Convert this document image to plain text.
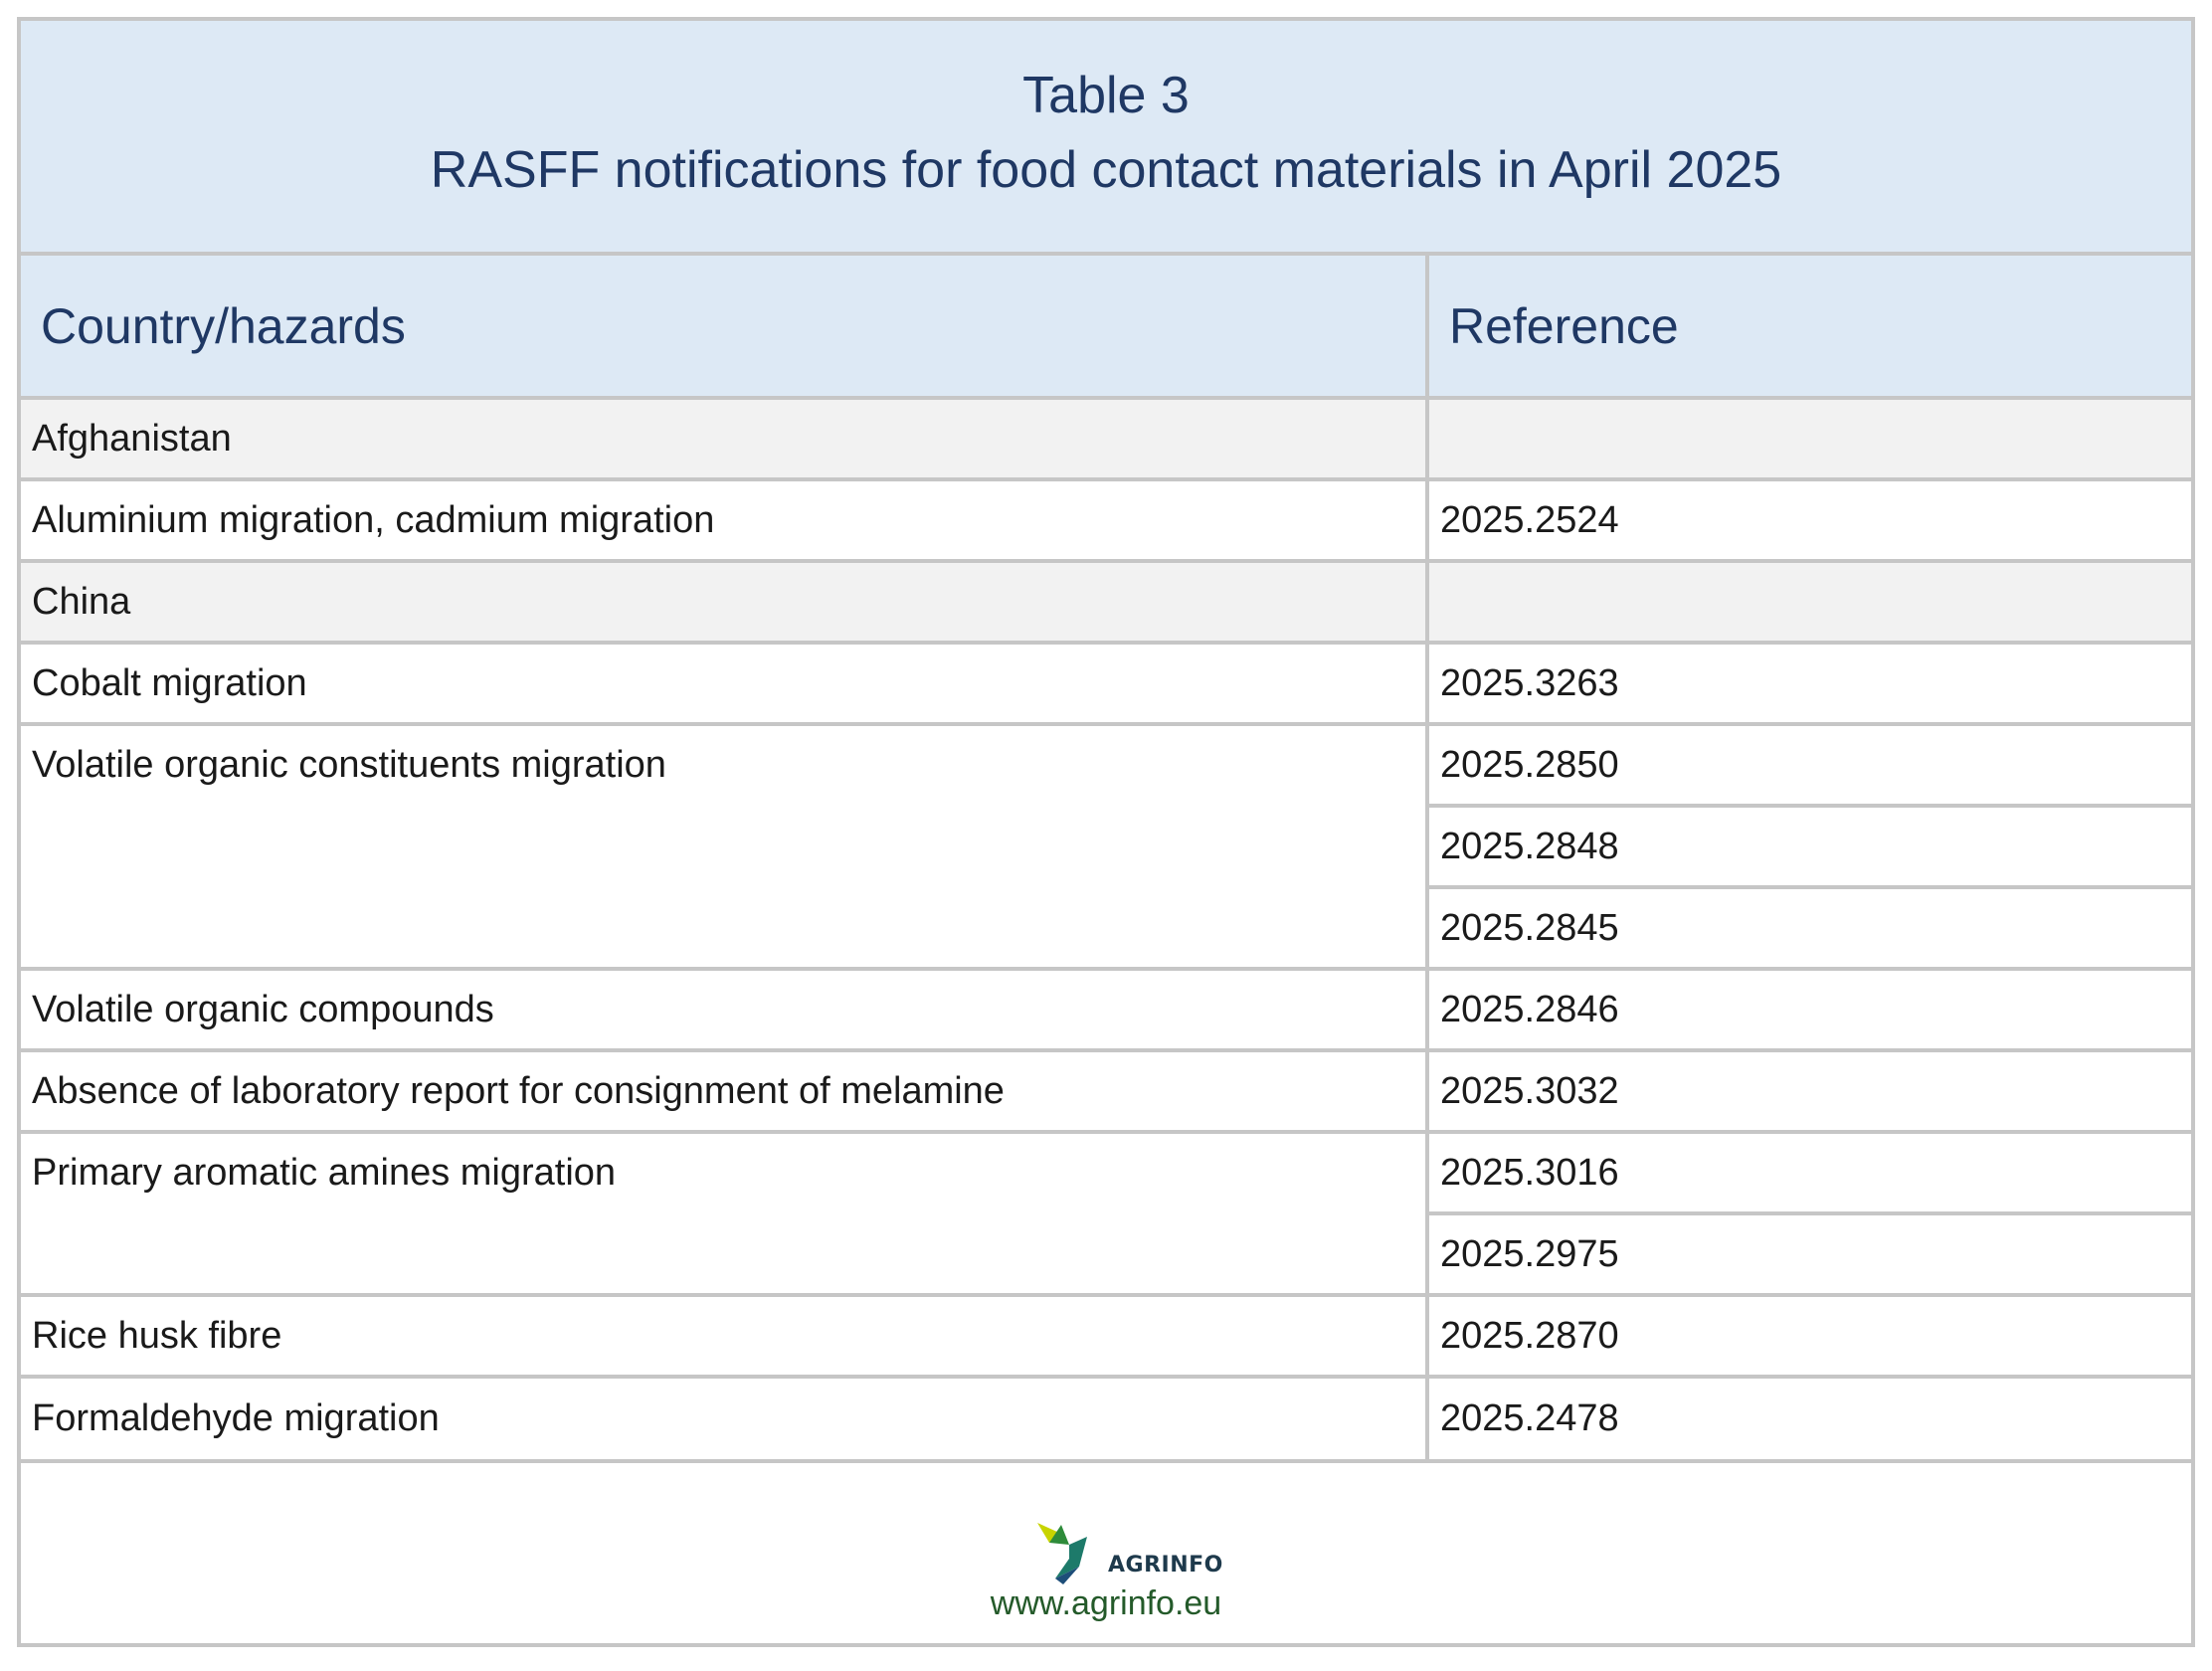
Table 3
RASFF notifications for food contact materials in April 2025
Country/hazards	Reference
Afghanistan
Aluminium migration, cadmium migration	2025.2524
China
Cobalt migration	2025.3263
Volatile organic constituents migration	2025.2850
2025.2848
2025.2845
Volatile organic compounds	2025.2846
Absence of laboratory report for consignment of melamine	2025.3032
Primary aromatic amines migration	2025.3016
2025.2975
Rice husk fibre	2025.2870
Formaldehyde migration	2025.2478
AGRINFO
www.agrinfo.eu
